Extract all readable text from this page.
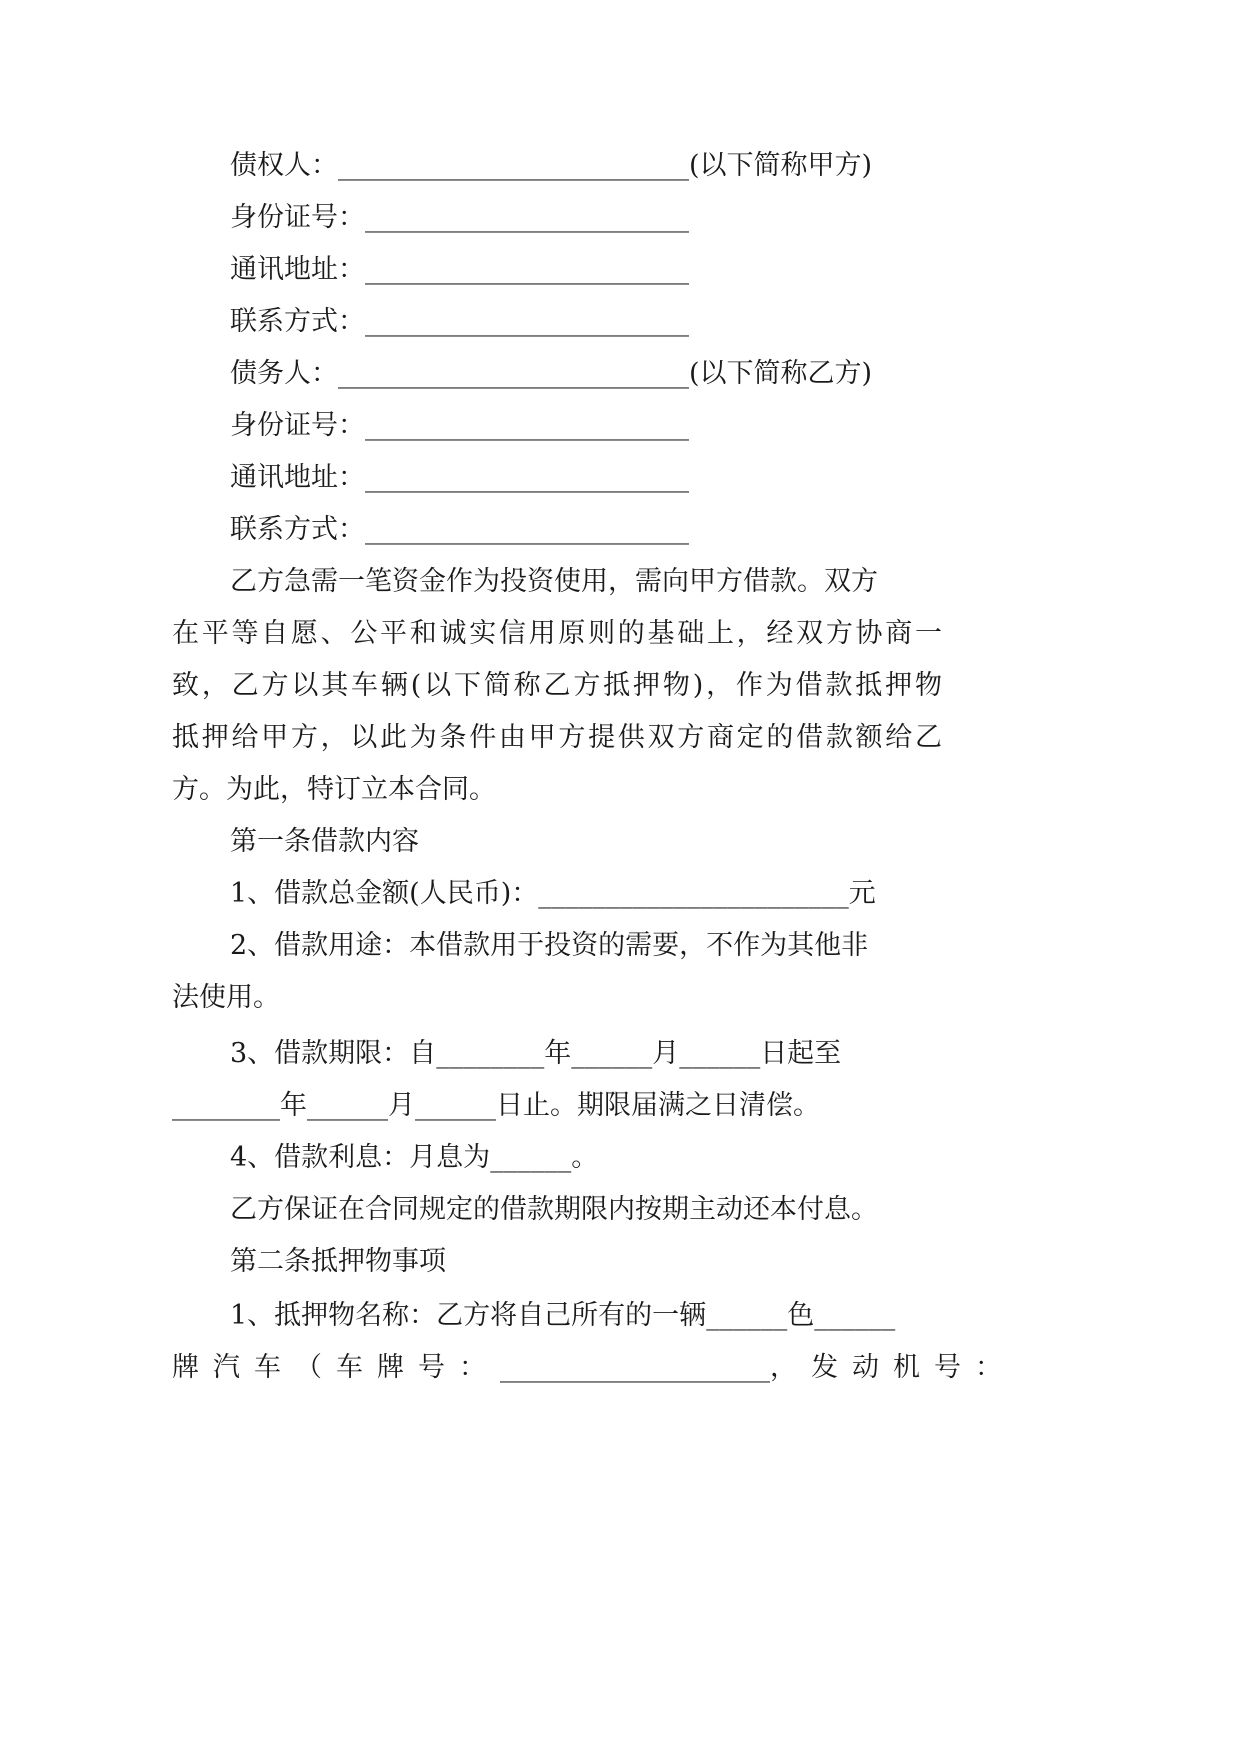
债权人：__________________________(以下简称甲方)
身份证号：________________________
通讯地址：________________________
联系方式：________________________
债务人：__________________________(以下简称乙方)
身份证号：________________________
通讯地址：________________________
联系方式：________________________
乙方急需一笔资金作为投资使用，需向甲方借款。双方
在平等自愿、公平和诚实信用原则的基础上，经双方协商一
致，乙方以其车辆(以下简称乙方抵押物)，作为借款抵押物
抵押给甲方，以此为条件由甲方提供双方商定的借款额给乙
方。为此，特订立本合同。
第一条借款内容
1、借款总金额(人民币)：_______________________元
2、借款用途：本借款用于投资的需要，不作为其他非
法使用。
3、借款期限：自________年______月______日起至
________年______月______日止。期限届满之日清偿。
4、借款利息：月息为______。
乙方保证在合同规定的借款期限内按期主动还本付息。
第二条抵押物事项
1、抵押物名称：乙方将自己所有的一辆______色______
牌汽车（车牌号：____________________，发动机号：
